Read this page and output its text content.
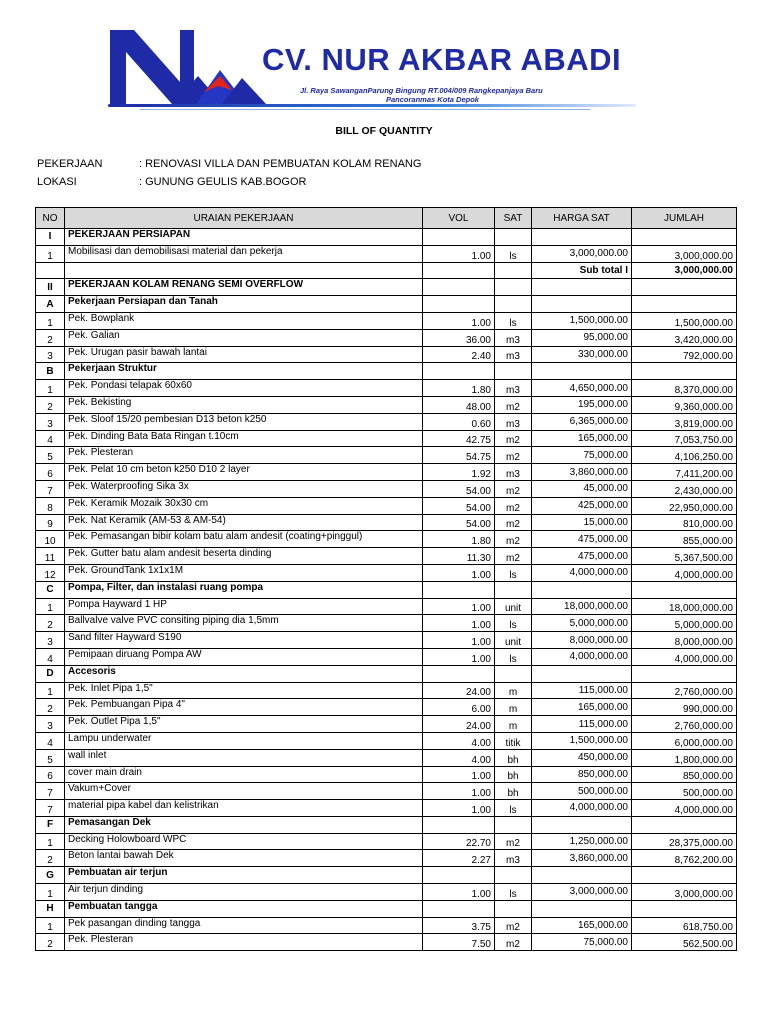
CV. NUR AKBAR ABADI
Jl. Raya SawanganParung Bingung RT.004/009 Rangkepanjaya Baru
Pancoranmas Kota Depok
BILL OF QUANTITY
PEKERJAAN	: RENOVASI VILLA DAN PEMBUATAN KOLAM RENANG
LOKASI	: GUNUNG GEULIS KAB.BOGOR
NO	URAIAN PEKERJAAN	VOL	SAT	HARGA SAT	JUMLAH
I	PEKERJAAN PERSIAPAN				
1	Mobilisasi dan demobilisasi material dan pekerja	1.00	ls	3,000,000.00	3,000,000.00
				Sub total I	3,000,000.00
II	PEKERJAAN KOLAM RENANG SEMI OVERFLOW				
A	Pekerjaan Persiapan dan Tanah				
1	Pek. Bowplank	1.00	ls	1,500,000.00	1,500,000.00
2	Pek. Galian	36.00	m3	95,000.00	3,420,000.00
3	Pek. Urugan pasir bawah lantai	2.40	m3	330,000.00	792,000.00
B	Pekerjaan Struktur				
1	Pek. Pondasi telapak 60x60	1.80	m3	4,650,000.00	8,370,000.00
2	Pek. Bekisting	48.00	m2	195,000.00	9,360,000.00
3	Pek. Sloof 15/20 pembesian D13 beton k250	0.60	m3	6,365,000.00	3,819,000.00
4	Pek. Dinding Bata Bata Ringan t.10cm	42.75	m2	165,000.00	7,053,750.00
5	Pek. Plesteran	54.75	m2	75,000.00	4,106,250.00
6	Pek. Pelat 10 cm beton k250 D10 2 layer	1.92	m3	3,860,000.00	7,411,200.00
7	Pek. Waterproofing Sika 3x	54.00	m2	45,000.00	2,430,000.00
8	Pek. Keramik Mozaik 30x30 cm	54.00	m2	425,000.00	22,950,000.00
9	Pek. Nat Keramik (AM-53 & AM-54)	54.00	m2	15,000.00	810,000.00
10	Pek. Pemasangan bibir kolam batu alam andesit (coating+pinggul)	1.80	m2	475,000.00	855,000.00
11	Pek. Gutter batu alam andesit beserta dinding	11.30	m2	475,000.00	5,367,500.00
12	Pek. GroundTank 1x1x1M	1.00	ls	4,000,000.00	4,000,000.00
C	Pompa, Filter, dan instalasi ruang pompa				
1	Pompa Hayward 1 HP	1.00	unit	18,000,000.00	18,000,000.00
2	Ballvalve valve PVC consiting piping dia 1,5mm	1.00	ls	5,000,000.00	5,000,000.00
3	Sand filter Hayward S190	1.00	unit	8,000,000.00	8,000,000.00
4	Pemipaan diruang Pompa AW	1.00	ls	4,000,000.00	4,000,000.00
D	Accesoris				
1	Pek. Inlet Pipa 1,5"	24.00	m	115,000.00	2,760,000.00
2	Pek. Pembuangan Pipa 4"	6.00	m	165,000.00	990,000.00
3	Pek. Outlet Pipa 1,5"	24.00	m	115,000.00	2,760,000.00
4	Lampu underwater	4.00	titik	1,500,000.00	6,000,000.00
5	wall inlet	4.00	bh	450,000.00	1,800,000.00
6	cover main drain	1.00	bh	850,000.00	850,000.00
7	Vakum+Cover	1.00	bh	500,000.00	500,000.00
7	material pipa kabel dan kelistrikan	1.00	ls	4,000,000.00	4,000,000.00
F	Pemasangan Dek				
1	Decking Holowboard WPC	22.70	m2	1,250,000.00	28,375,000.00
2	Beton lantai bawah Dek	2.27	m3	3,860,000.00	8,762,200.00
G	Pembuatan air terjun				
1	Air terjun dinding	1.00	ls	3,000,000.00	3,000,000.00
H	Pembuatan tangga				
1	Pek pasangan dinding tangga	3.75	m2	165,000.00	618,750.00
2	Pek. Plesteran	7.50	m2	75,000.00	562,500.00
